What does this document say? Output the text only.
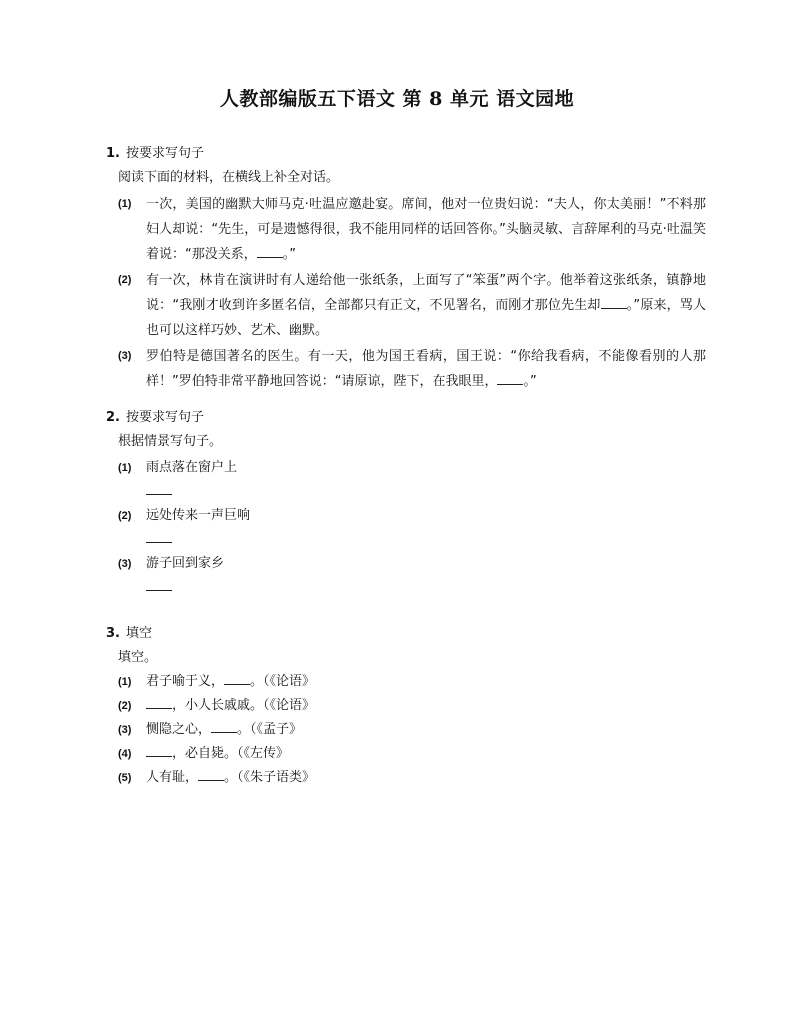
人教部编版五下语文 第 8 单元 语文园地
1. 按要求写句子
阅读下面的材料，在横线上补全对话。
(1) 一次，美国的幽默大师马克·吐温应邀赴宴。席间，他对一位贵妇说：“夫人，你太美丽！”不料那妇人却说：“先生，可是遗憾得很，我不能用同样的话回答你。”头脑灵敏、言辞犀利的马克·吐温笑着说：“那没关系， 。”
(2) 有一次，林肯在演讲时有人递给他一张纸条，上面写了“笨蛋”两个字。他举着这张纸条，镇静地说：“我刚才收到许多匿名信，全部都只有正文，不见署名，而刚才那位先生却 。”原来，骂人也可以这样巧妙、艺术、幽默。
(3) 罗伯特是德国著名的医生。有一天，他为国王看病，国王说：“你给我看病，不能像看别的人那样！”罗伯特非常平静地回答说：“请原谅，陛下，在我眼里， 。”
2. 按要求写句子
根据情景写句子。
(1) 雨点落在窗户上
(2) 远处传来一声巨响
(3) 游子回到家乡
3. 填空
填空。
(1) 君子喻于义， 。（《论语》
(2)	，小人长戚戚。（《论语》
(3) 恻隐之心， 。（《孟子》
(4)	，必自毙。（《左传》
(5) 人有耻， 。（《朱子语类》
